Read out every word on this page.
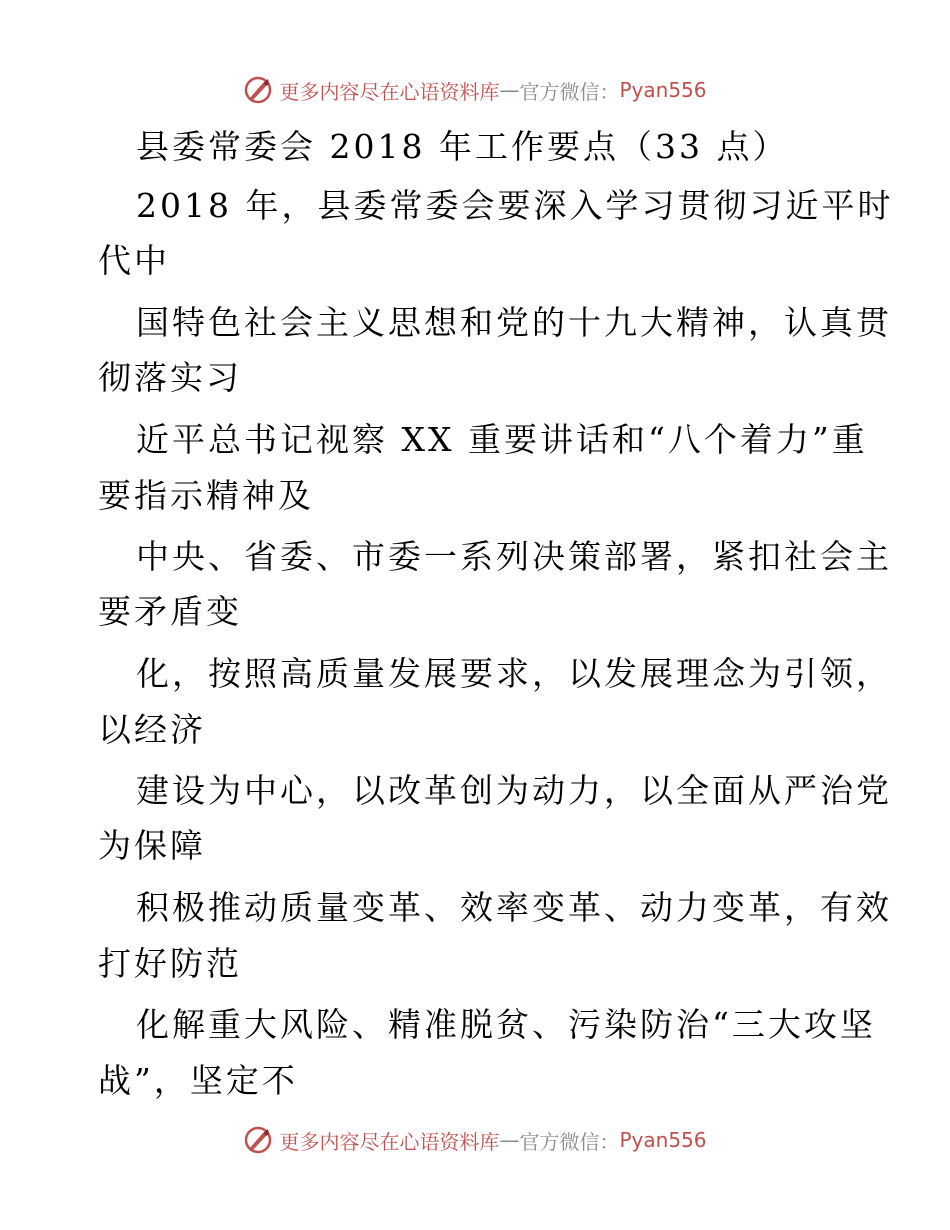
更多内容尽在心语资料库 — 官方微信： Pyan556
县委常委会 2018 年工作要点（33 点）
2018 年，县委常委会要深入学习贯彻习近平时
代中
国特色社会主义思想和党的十九大精神，认真贯
彻落实习
近平总书记视察 XX 重要讲话和“八个着力”重
要指示精神及
中央、省委、市委一系列决策部署，紧扣社会主
要矛盾变
化，按照高质量发展要求，以发展理念为引领，
以经济
建设为中心，以改革创为动力，以全面从严治党
为保障
积极推动质量变革、效率变革、动力变革，有效
打好防范
化解重大风险、精准脱贫、污染防治“三大攻坚
战”，坚定不
更多内容尽在心语资料库 — 官方微信： Pyan556
